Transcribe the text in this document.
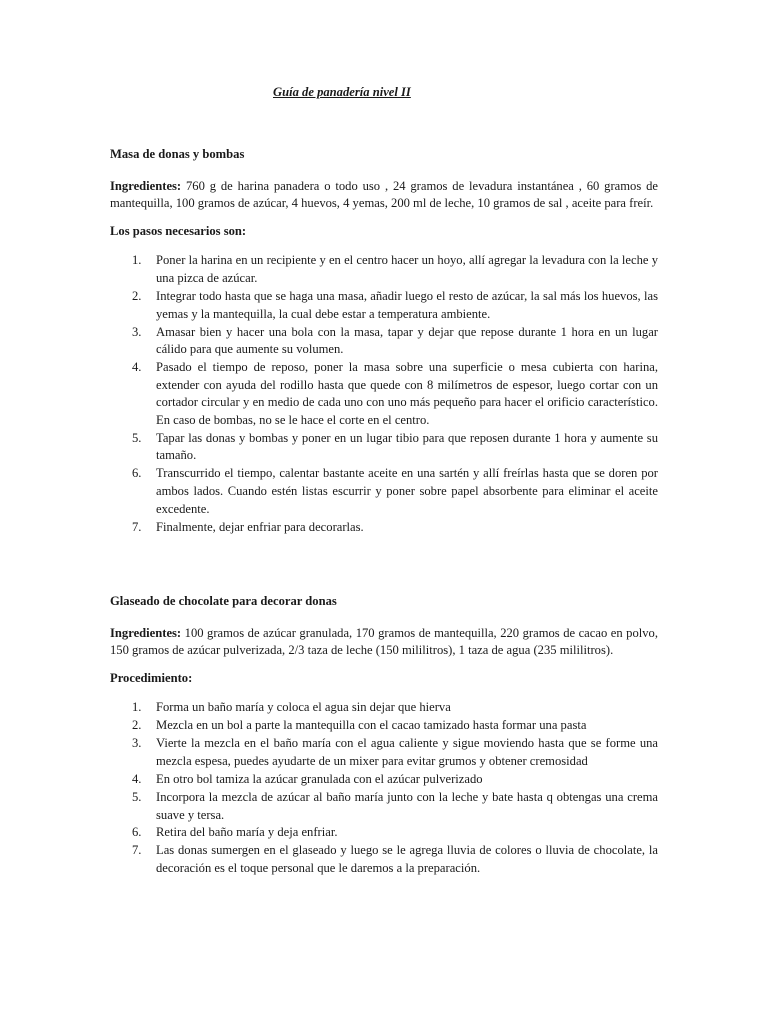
Guía de panadería nivel II
Masa de donas y bombas

Ingredientes: 760 g de harina panadera o todo uso , 24 gramos de levadura instantánea , 60 gramos de mantequilla, 100 gramos de azúcar, 4 huevos, 4 yemas, 200 ml de leche, 10 gramos de sal , aceite para freír.

Los pasos necesarios son:
1. Poner la harina en un recipiente y en el centro hacer un hoyo, allí agregar la levadura con la leche y una pizca de azúcar.
2. Integrar todo hasta que se haga una masa, añadir luego el resto de azúcar, la sal más los huevos, las yemas y la mantequilla, la cual debe estar a temperatura ambiente.
3. Amasar bien y hacer una bola con la masa, tapar y dejar que repose durante 1 hora en un lugar cálido para que aumente su volumen.
4. Pasado el tiempo de reposo, poner la masa sobre una superficie o mesa cubierta con harina, extender con ayuda del rodillo hasta que quede con 8 milímetros de espesor, luego cortar con un cortador circular y en medio de cada uno con uno más pequeño para hacer el orificio característico. En caso de bombas, no se le hace el corte en el centro.
5. Tapar las donas y bombas y poner en un lugar tibio para que reposen durante 1 hora y aumente su tamaño.
6. Transcurrido el tiempo, calentar bastante aceite en una sartén y allí freírlas hasta que se doren por ambos lados. Cuando estén listas escurrir y poner sobre papel absorbente para eliminar el aceite excedente.
7. Finalmente, dejar enfriar para decorarlas.
Glaseado de chocolate para decorar donas

Ingredientes: 100 gramos de azúcar granulada, 170 gramos de mantequilla, 220 gramos de cacao en polvo, 150 gramos de azúcar pulverizada, 2/3 taza de leche (150 mililitros), 1 taza de agua (235 mililitros).

Procedimiento:
1. Forma un baño maría y coloca el agua sin dejar que hierva
2. Mezcla en un bol a parte la mantequilla con el cacao tamizado hasta formar una pasta
3. Vierte la mezcla en el baño maría con el agua caliente y sigue moviendo hasta que se forme una mezcla espesa, puedes ayudarte de un mixer para evitar grumos y obtener cremosidad
4. En otro bol tamiza la azúcar granulada con el azúcar pulverizado
5. Incorpora la mezcla de azúcar al baño maría junto con la leche y bate hasta q obtengas una crema suave y tersa.
6. Retira del baño maría y deja enfriar.
7. Las donas sumergen en el glaseado y luego se le agrega lluvia de colores o lluvia de chocolate, la decoración es el toque personal que le daremos a la preparación.
